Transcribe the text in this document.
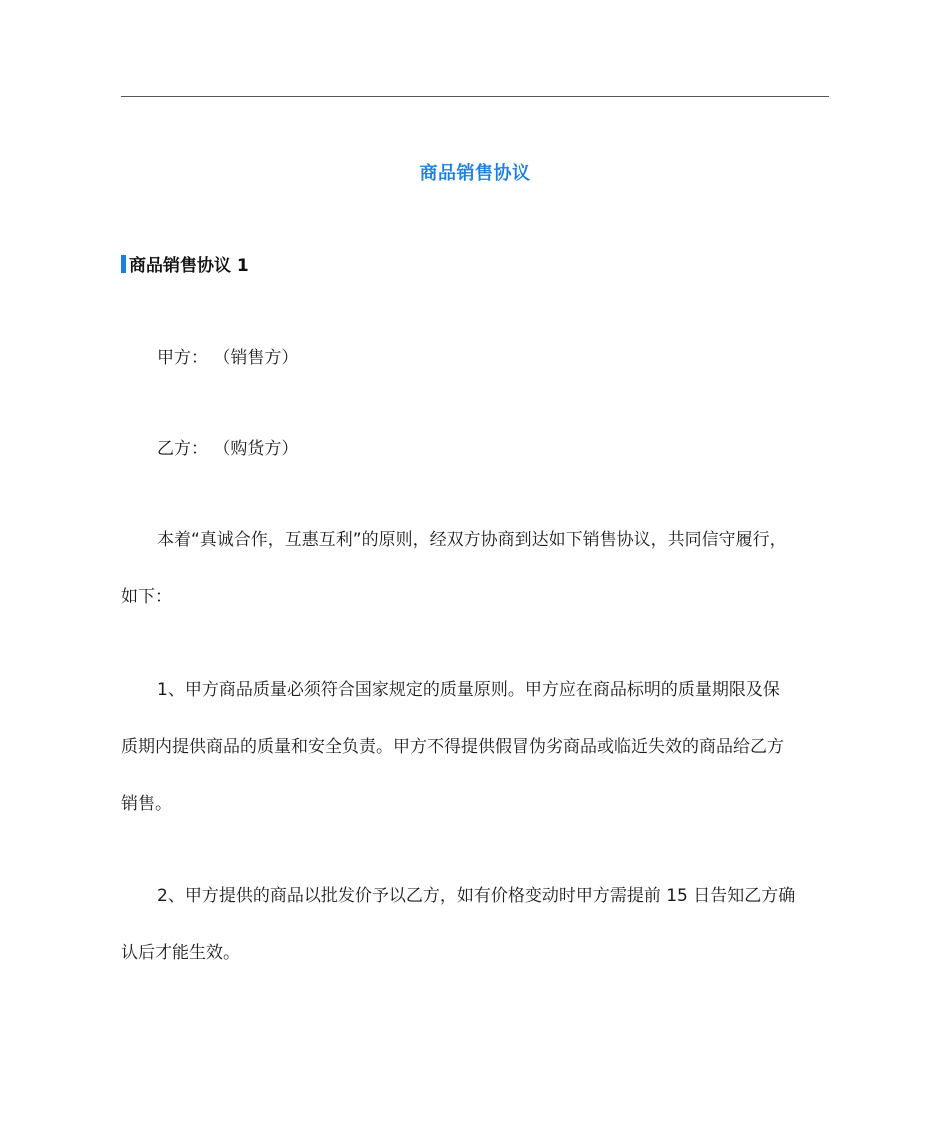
商品销售协议
商品销售协议 1
甲方： （销售方）
乙方： （购货方）
本着“真诚合作，互惠互利”的原则，经双方协商到达如下销售协议，共同信守履行，
如下：
1、甲方商品质量必须符合国家规定的质量原则。甲方应在商品标明的质量期限及保
质期内提供商品的质量和安全负责。甲方不得提供假冒伪劣商品或临近失效的商品给乙方
销售。
2、甲方提供的商品以批发价予以乙方，如有价格变动时甲方需提前 15 日告知乙方确
认后才能生效。
